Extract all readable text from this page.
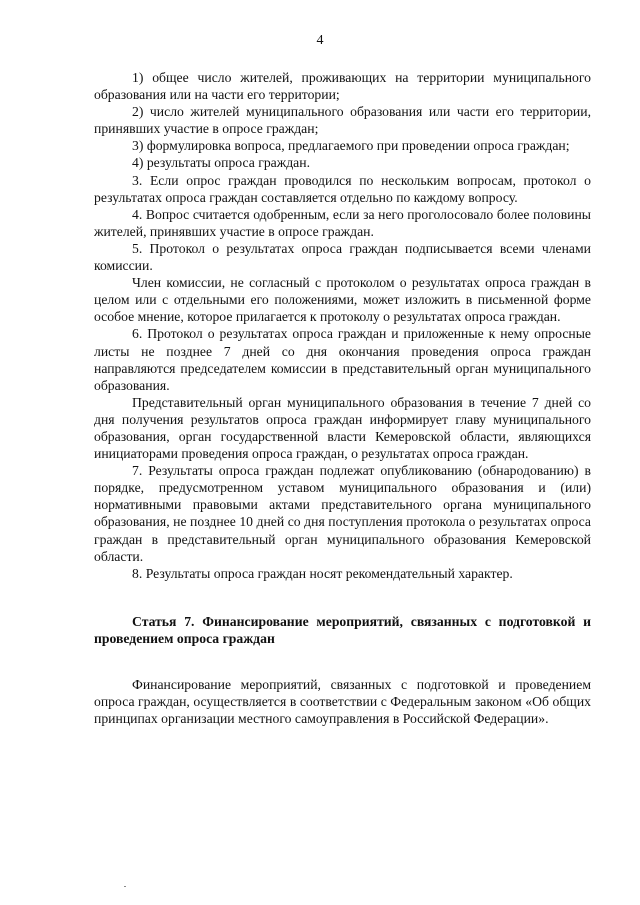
4

1) общее число жителей, проживающих на территории муниципального образования или на части его территории;

2) число жителей муниципального образования или части его территории, принявших участие в опросе граждан;

3) формулировка вопроса, предлагаемого при проведении опроса граждан;

4) результаты опроса граждан.

3. Если опрос граждан проводился по нескольким вопросам, протокол о результатах опроса граждан составляется отдельно по каждому вопросу.

4. Вопрос считается одобренным, если за него проголосовало более половины жителей, принявших участие в опросе граждан.

5. Протокол о результатах опроса граждан подписывается всеми членами комиссии.

Член комиссии, не согласный с протоколом о результатах опроса граждан в целом или с отдельными его положениями, может изложить в письменной форме особое мнение, которое прилагается к протоколу о результатах опроса граждан.

6. Протокол о результатах опроса граждан и приложенные к нему опросные листы не позднее 7 дней со дня окончания проведения опроса граждан направляются председателем комиссии в представительный орган муниципального образования.

Представительный орган муниципального образования в течение 7 дней со дня получения результатов опроса граждан информирует главу муниципального образования, орган государственной власти Кемеровской области, являющихся инициаторами проведения опроса граждан, о результатах опроса граждан.

7. Результаты опроса граждан подлежат опубликованию (обнародованию) в порядке, предусмотренном уставом муниципального образования и (или) нормативными правовыми актами представительного органа муниципального образования, не позднее 10 дней со дня поступления протокола о результатах опроса граждан в представительный орган муниципального образования Кемеровской области.

8. Результаты опроса граждан носят рекомендательный характер.

Статья 7. Финансирование мероприятий, связанных с подготовкой и проведением опроса граждан

Финансирование мероприятий, связанных с подготовкой и проведением опроса граждан, осуществляется в соответствии с Федеральным законом «Об общих принципах организации местного самоуправления в Российской Федерации».
